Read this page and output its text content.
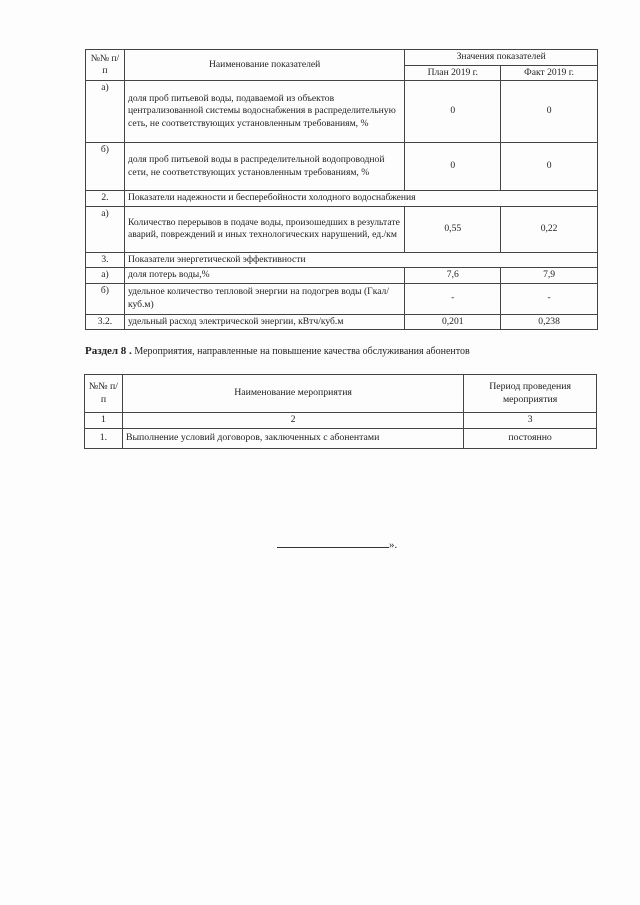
№№ п/п	Наименование показателей	Значения показателей	
		План 2019 г.	Факт 2019 г.
а)	доля проб питьевой воды, подаваемой из объектов централизованной системы водоснабжения в распределительную сеть, не соответствующих установленным требованиям, %	0	0
б)	доля проб питьевой воды в распределительной водопроводной сети, не соответствующих установленным требованиям, %	0	0
2.	Показатели надежности и бесперебойности холодного водоснабжения		
а)	Количество перерывов в подаче воды, произошедших в результате аварий, повреждений и иных технологических нарушений, ед./км	0,55	0,22
3.	Показатели энергетической эффективности		
а)	доля потерь воды,%	7,6	7,9
б)	удельное количество тепловой энергии на подогрев воды (Гкал/куб.м)	-	-
3.2.	удельный расход электрической энергии, кВтч/куб.м	0,201	0,238
Раздел 8 . Мероприятия, направленные на повышение качества обслуживания абонентов
№№ п/п	Наименование мероприятия	Период проведения мероприятия
1	2	3
1.	Выполнение условий договоров, заключенных с абонентами	постоянно
».
